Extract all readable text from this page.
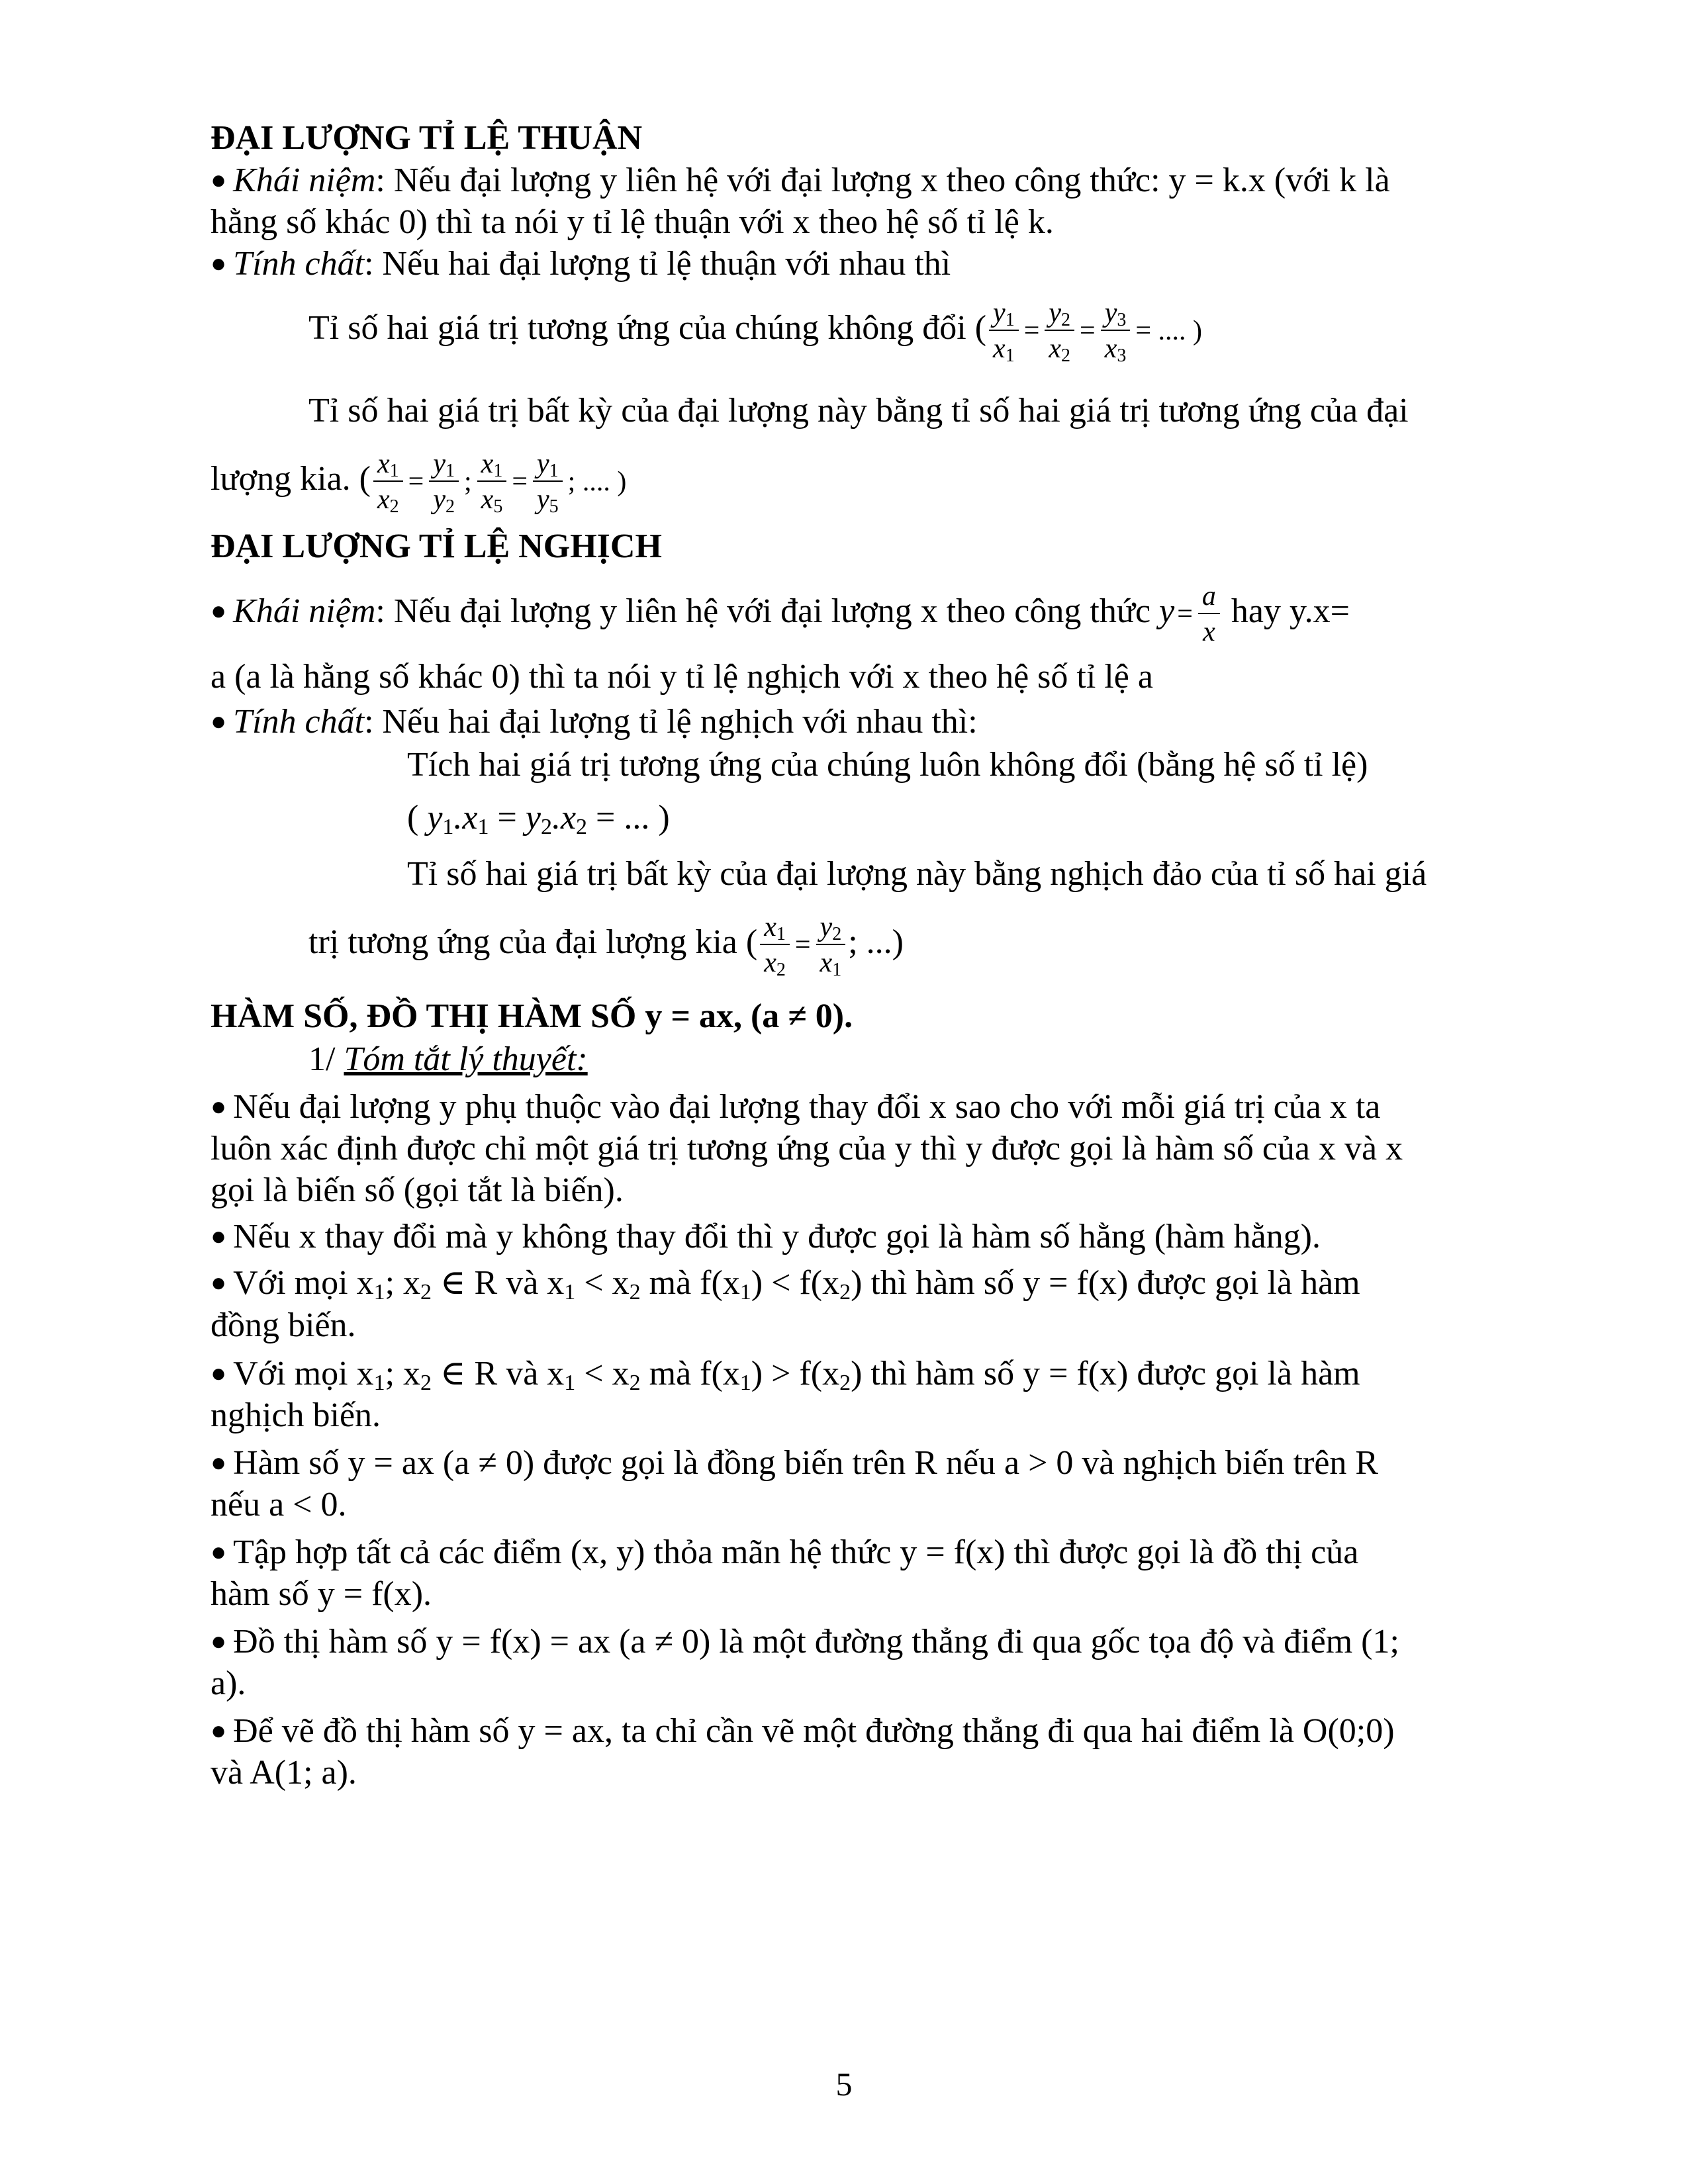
ĐẠI LƯỢNG TỈ LỆ THUẬN
● Khái niệm: Nếu đại lượng y liên hệ với đại lượng x theo công thức: y = k.x (với k là
hằng số khác 0) thì ta nói y tỉ lệ thuận với x theo hệ số tỉ lệ k.
● Tính chất: Nếu hai đại lượng tỉ lệ thuận với nhau thì
Tỉ số hai giá trị tương ứng của chúng không đổi ( $\frac{y_1}{x_1} = \frac{y_2}{x_2} = \frac{y_3}{x_3}$ = .... )
Tỉ số hai giá trị bất kỳ của đại lượng này bằng tỉ số hai giá trị tương ứng của đại
lượng kia. ( $\frac{x_1}{x_2} = \frac{y_1}{y_2}$ ; $\frac{x_1}{x_5} = \frac{y_1}{y_5}$ ; .... )
ĐẠI LƯỢNG TỈ LỆ NGHỊCH
● Khái niệm: Nếu đại lượng y liên hệ với đại lượng x theo công thức $y= \frac{a}{x}$ hay y.x=
a (a là hằng số khác 0) thì ta nói y tỉ lệ nghịch với x theo hệ số tỉ lệ a
● Tính chất: Nếu hai đại lượng tỉ lệ nghịch với nhau thì:
Tích hai giá trị tương ứng của chúng luôn không đổi (bằng hệ số tỉ lệ)
( $y_1.x_1 = y_2.x_2$ = ... )
Tỉ số hai giá trị bất kỳ của đại lượng này bằng nghịch đảo của tỉ số hai giá
trị tương ứng của đại lượng kia ( $\frac{x_1}{x_2} = \frac{y_2}{x_1}$ ; ...)
HÀM SỐ, ĐỒ THỊ HÀM SỐ y = ax, (a ≠ 0).
1/ Tóm tắt lý thuyết:
● Nếu đại lượng y phụ thuộc vào đại lượng thay đổi x sao cho với mỗi giá trị của x ta
luôn xác định được chỉ một giá trị tương ứng của y thì y được gọi là hàm số của x và x
gọi là biến số (gọi tắt là biến).
● Nếu x thay đổi mà y không thay đổi thì y được gọi là hàm số hằng (hàm hằng).
● Với mọi $x_1$; $x_2$ ∈ R và $x_1 < x_2$ mà $f(x_1) < f(x_2)$ thì hàm số y = f(x) được gọi là hàm
đồng biến.
● Với mọi $x_1$; $x_2$ ∈ R và $x_1 < x_2$ mà $f(x_1) > f(x_2)$ thì hàm số y = f(x) được gọi là hàm
nghịch biến.
● Hàm số y = ax (a ≠ 0) được gọi là đồng biến trên R nếu a > 0 và nghịch biến trên R
nếu a < 0.
● Tập hợp tất cả các điểm (x, y) thỏa mãn hệ thức y = f(x) thì được gọi là đồ thị của
hàm số y = f(x).
● Đồ thị hàm số y = f(x) = ax (a ≠ 0) là một đường thẳng đi qua gốc tọa độ và điểm (1;
a).
● Để vẽ đồ thị hàm số y = ax, ta chỉ cần vẽ một đường thẳng đi qua hai điểm là O(0;0)
và A(1; a).
5
